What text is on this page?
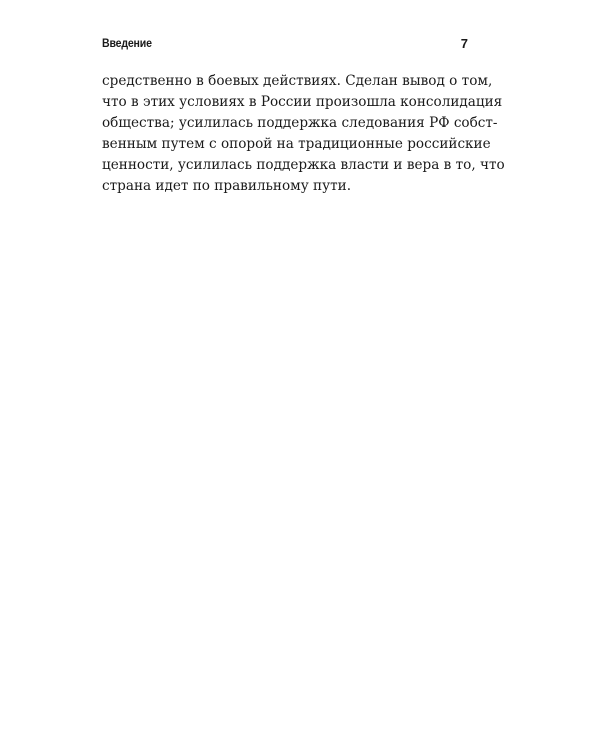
Введение	7
средственно в боевых действиях. Сделан вывод о том,
что в этих условиях в России произошла консолидация
общества; усилилась поддержка следования РФ собст-
венным путем с опорой на традиционные российские
ценности, усилилась поддержка власти и вера в то, что
страна идет по правильному пути.
